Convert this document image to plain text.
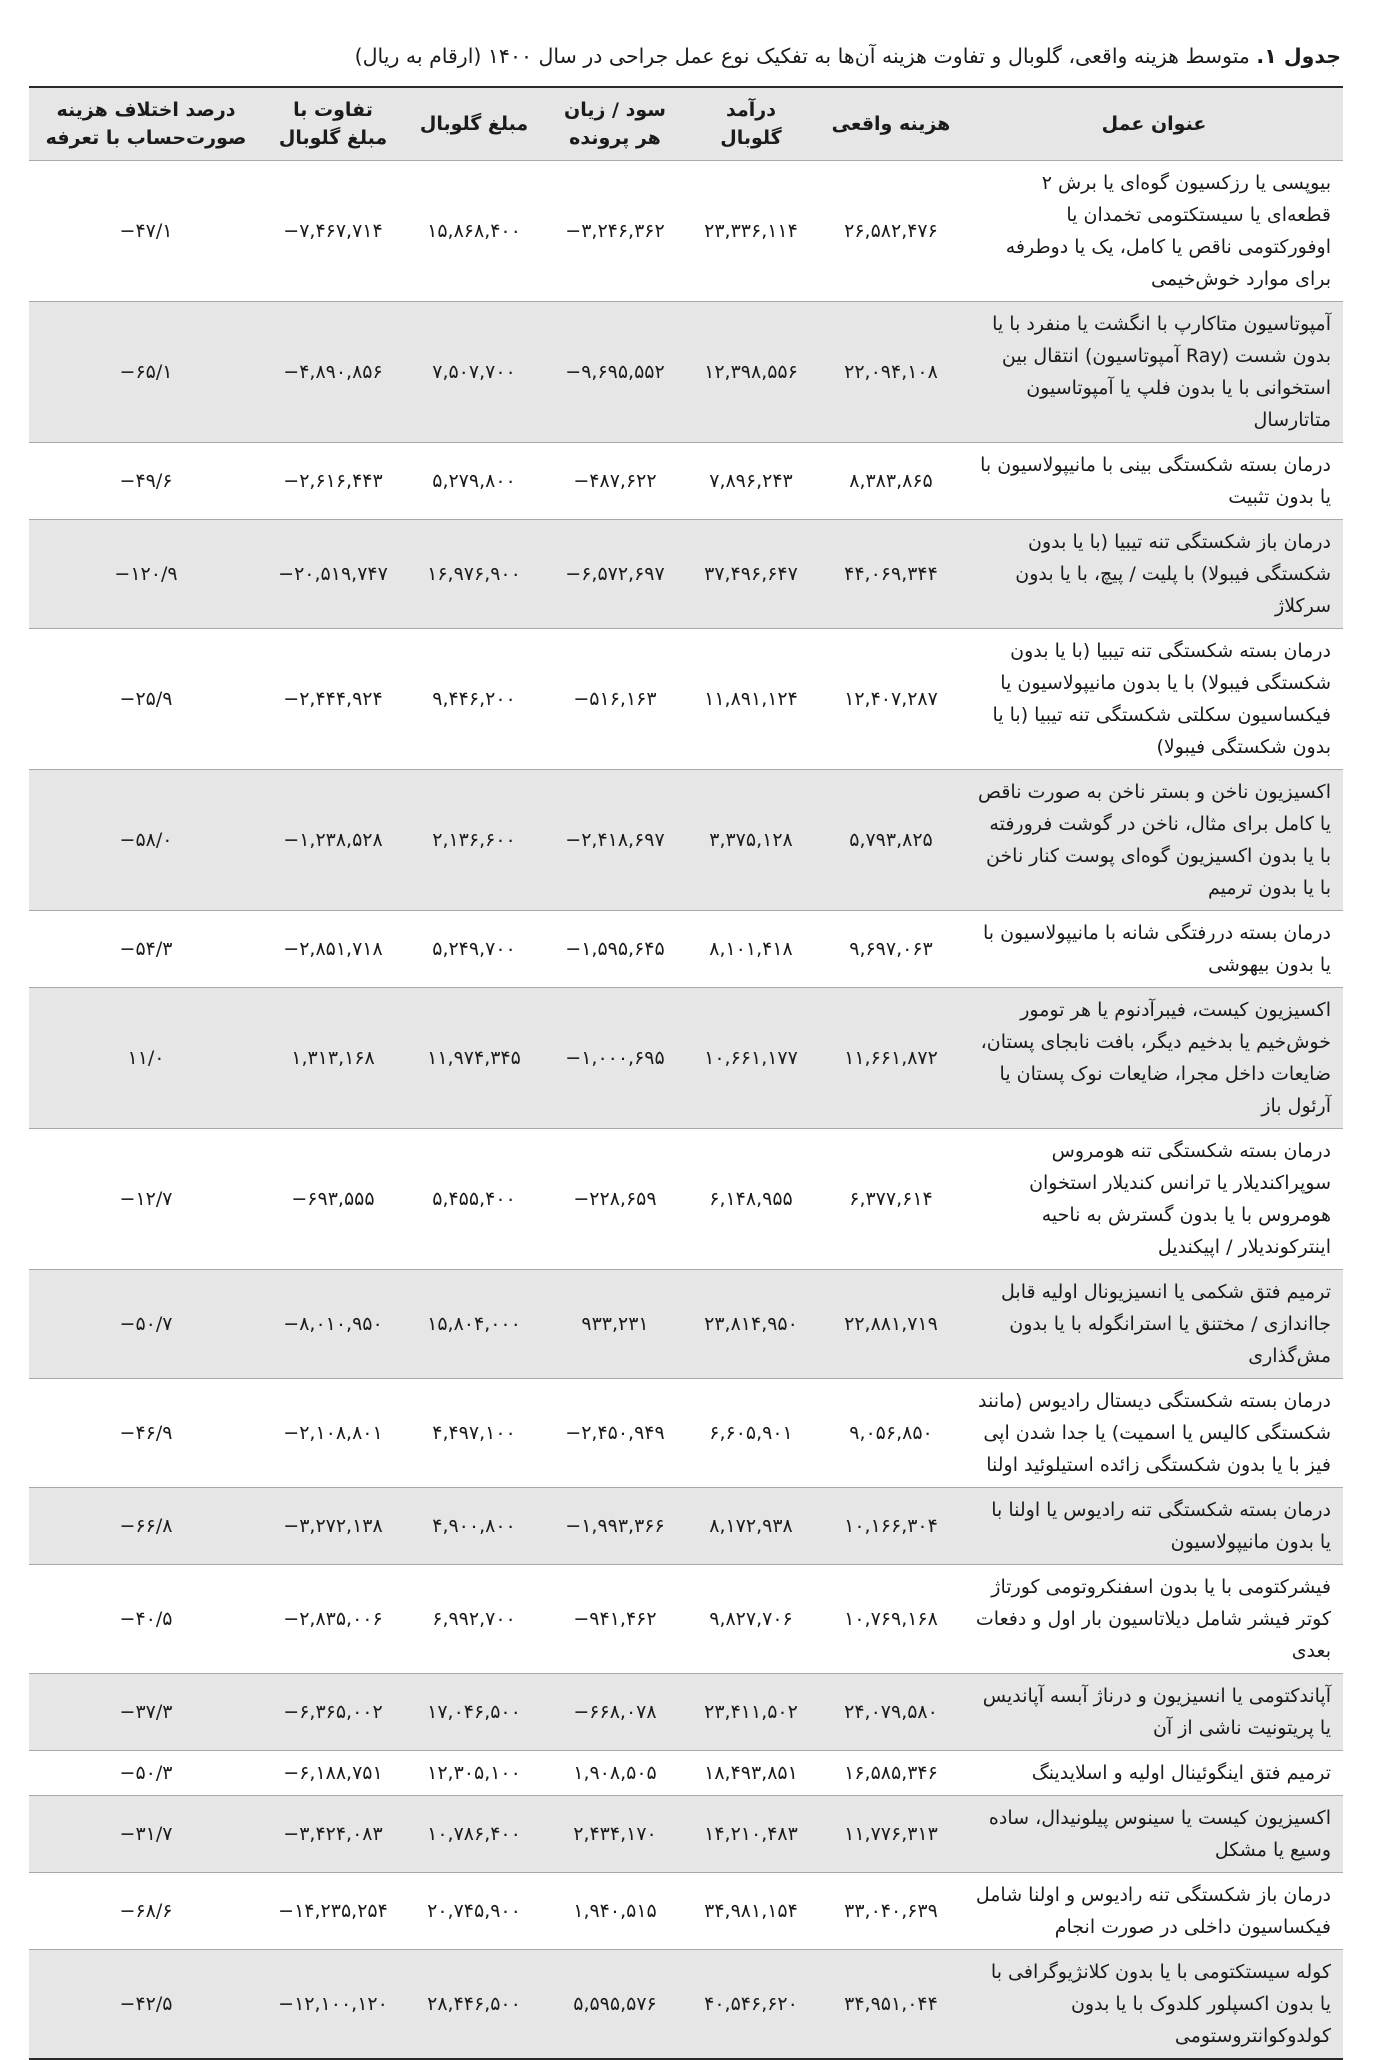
جدول ۱. متوسط هزینه واقعی، گلوبال و تفاوت هزینه آن‌ها به تفکیک نوع عمل جراحی در سال ۱۴۰۰ (ارقام به ریال)
عنوان عمل	هزینه واقعی	درآمد گلوبال	سود / زیان هر پرونده	مبلغ گلوبال	تفاوت با مبلغ گلوبال	درصد اختلاف هزینه صورت‌حساب با تعرفه
بیوپسی یا رزکسیون گوه‌ای یا برش ۲ قطعه‌ای یا سیستکتومی تخمدان یا اوفورکتومی ناقص یا کامل، یک یا دوطرفه برای موارد خوش‌خیمی	۲۶,۵۸۲,۴۷۶	۲۳,۳۳۶,۱۱۴	−۳,۲۴۶,۳۶۲	۱۵,۸۶۸,۴۰۰	−۷,۴۶۷,۷۱۴	−۴۷/۱
آمپوتاسیون متاکارپ با انگشت یا منفرد با یا بدون شست (Ray آمپوتاسیون) انتقال بین استخوانی با یا بدون فلپ یا آمپوتاسیون متاتارسال	۲۲,۰۹۴,۱۰۸	۱۲,۳۹۸,۵۵۶	−۹,۶۹۵,۵۵۲	۷,۵۰۷,۷۰۰	−۴,۸۹۰,۸۵۶	−۶۵/۱
درمان بسته شکستگی بینی با مانیپولاسیون با یا بدون تثبیت	۸,۳۸۳,۸۶۵	۷,۸۹۶,۲۴۳	−۴۸۷,۶۲۲	۵,۲۷۹,۸۰۰	−۲,۶۱۶,۴۴۳	−۴۹/۶
درمان باز شکستگی تنه تیبیا (با یا بدون شکستگی فیبولا) با پلیت / پیچ، با یا بدون سرکلاژ	۴۴,۰۶۹,۳۴۴	۳۷,۴۹۶,۶۴۷	−۶,۵۷۲,۶۹۷	۱۶,۹۷۶,۹۰۰	−۲۰,۵۱۹,۷۴۷	−۱۲۰/۹
درمان بسته شکستگی تنه تیبیا (با یا بدون شکستگی فیبولا) با یا بدون مانیپولاسیون یا فیکساسیون سکلتی شکستگی تنه تیبیا (با یا بدون شکستگی فیبولا)	۱۲,۴۰۷,۲۸۷	۱۱,۸۹۱,۱۲۴	−۵۱۶,۱۶۳	۹,۴۴۶,۲۰۰	−۲,۴۴۴,۹۲۴	−۲۵/۹
اکسیزیون ناخن و بستر ناخن به صورت ناقص یا کامل برای مثال، ناخن در گوشت فرورفته با یا بدون اکسیزیون گوه‌ای پوست کنار ناخن با یا بدون ترمیم	۵,۷۹۳,۸۲۵	۳,۳۷۵,۱۲۸	−۲,۴۱۸,۶۹۷	۲,۱۳۶,۶۰۰	−۱,۲۳۸,۵۲۸	−۵۸/۰
درمان بسته دررفتگی شانه با مانیپولاسیون با یا بدون بیهوشی	۹,۶۹۷,۰۶۳	۸,۱۰۱,۴۱۸	−۱,۵۹۵,۶۴۵	۵,۲۴۹,۷۰۰	−۲,۸۵۱,۷۱۸	−۵۴/۳
اکسیزیون کیست، فیبرآدنوم یا هر تومور خوش‌خیم یا بدخیم دیگر، بافت نابجای پستان، ضایعات داخل مجرا، ضایعات نوک پستان یا آرئول باز	۱۱,۶۶۱,۸۷۲	۱۰,۶۶۱,۱۷۷	−۱,۰۰۰,۶۹۵	۱۱,۹۷۴,۳۴۵	۱,۳۱۳,۱۶۸	۱۱/۰
درمان بسته شکستگی تنه هومروس سوپراکندیلار یا ترانس کندیلار استخوان هومروس با یا بدون گسترش به ناحیه اینترکوندیلار / اپیکندیل	۶,۳۷۷,۶۱۴	۶,۱۴۸,۹۵۵	−۲۲۸,۶۵۹	۵,۴۵۵,۴۰۰	−۶۹۳,۵۵۵	−۱۲/۷
ترمیم فتق شکمی یا انسیزیونال اولیه قابل جااندازی / مختنق یا استرانگوله با یا بدون مش‌گذاری	۲۲,۸۸۱,۷۱۹	۲۳,۸۱۴,۹۵۰	۹۳۳,۲۳۱	۱۵,۸۰۴,۰۰۰	−۸,۰۱۰,۹۵۰	−۵۰/۷
درمان بسته شکستگی دیستال رادیوس (مانند شکستگی کالیس یا اسمیت) یا جدا شدن اپی فیز با یا بدون شکستگی زائده استیلوئید اولنا	۹,۰۵۶,۸۵۰	۶,۶۰۵,۹۰۱	−۲,۴۵۰,۹۴۹	۴,۴۹۷,۱۰۰	−۲,۱۰۸,۸۰۱	−۴۶/۹
درمان بسته شکستگی تنه رادیوس یا اولنا با یا بدون مانیپولاسیون	۱۰,۱۶۶,۳۰۴	۸,۱۷۲,۹۳۸	−۱,۹۹۳,۳۶۶	۴,۹۰۰,۸۰۰	−۳,۲۷۲,۱۳۸	−۶۶/۸
فیشرکتومی با یا بدون اسفنکروتومی کورتاژ کوتر فیشر شامل دیلاتاسیون بار اول و دفعات بعدی	۱۰,۷۶۹,۱۶۸	۹,۸۲۷,۷۰۶	−۹۴۱,۴۶۲	۶,۹۹۲,۷۰۰	−۲,۸۳۵,۰۰۶	−۴۰/۵
آپاندکتومی یا انسیزیون و درناژ آبسه آپاندیس یا پریتونیت ناشی از آن	۲۴,۰۷۹,۵۸۰	۲۳,۴۱۱,۵۰۲	−۶۶۸,۰۷۸	۱۷,۰۴۶,۵۰۰	−۶,۳۶۵,۰۰۲	−۳۷/۳
ترمیم فتق اینگوئینال اولیه و اسلایدینگ	۱۶,۵۸۵,۳۴۶	۱۸,۴۹۳,۸۵۱	۱,۹۰۸,۵۰۵	۱۲,۳۰۵,۱۰۰	−۶,۱۸۸,۷۵۱	−۵۰/۳
اکسیزیون کیست یا سینوس پیلونیدال، ساده وسیع یا مشکل	۱۱,۷۷۶,۳۱۳	۱۴,۲۱۰,۴۸۳	۲,۴۳۴,۱۷۰	۱۰,۷۸۶,۴۰۰	−۳,۴۲۴,۰۸۳	−۳۱/۷
درمان باز شکستگی تنه رادیوس و اولنا شامل فیکساسیون داخلی در صورت انجام	۳۳,۰۴۰,۶۳۹	۳۴,۹۸۱,۱۵۴	۱,۹۴۰,۵۱۵	۲۰,۷۴۵,۹۰۰	−۱۴,۲۳۵,۲۵۴	−۶۸/۶
کوله سیستکتومی با یا بدون کلانژیوگرافی با یا بدون اکسپلور کلدوک با یا بدون کولدوکوانتروستومی	۳۴,۹۵۱,۰۴۴	۴۰,۵۴۶,۶۲۰	۵,۵۹۵,۵۷۶	۲۸,۴۴۶,۵۰۰	−۱۲,۱۰۰,۱۲۰	−۴۲/۵
